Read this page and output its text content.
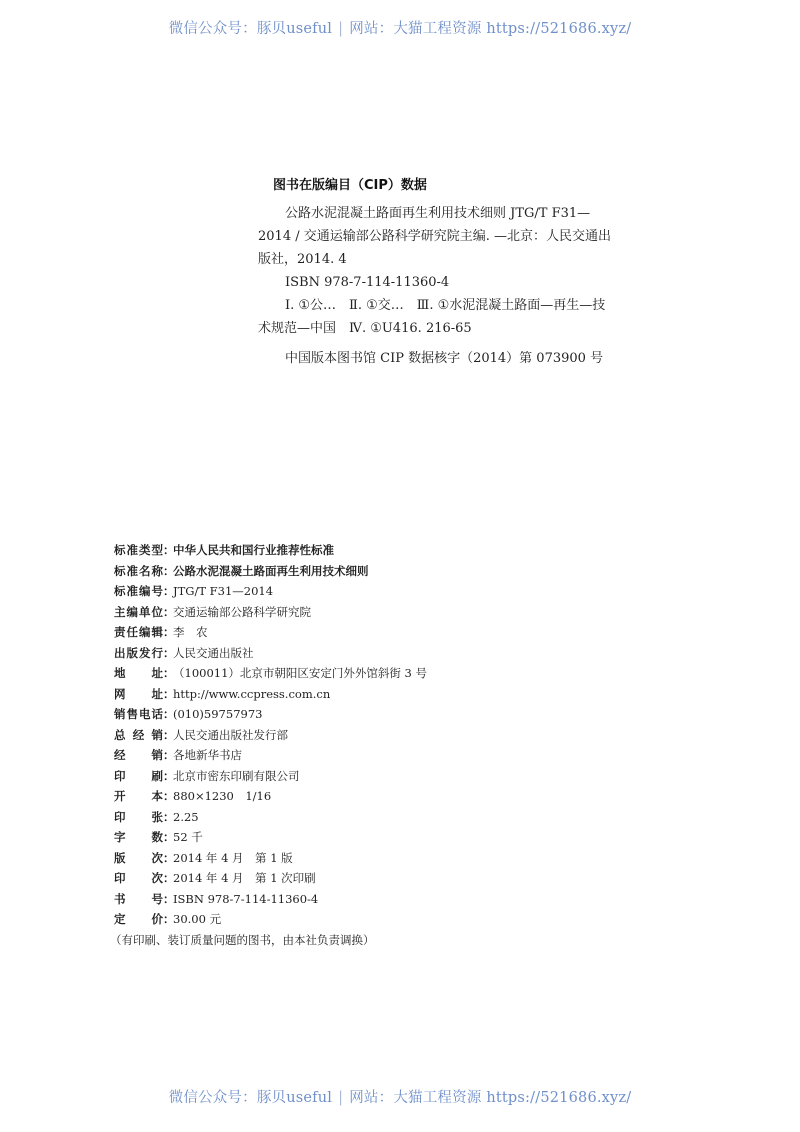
微信公众号：豚贝useful | 网站：大猫工程资源 https://521686.xyz/
图书在版编目（CIP）数据

公路水泥混凝土路面再生利用技术细则 JTG/T F31—2014 / 交通运输部公路科学研究院主编. —北京：人民交通出版社，2014. 4

ISBN 978-7-114-11360-4

Ⅰ. ①公…　Ⅱ. ①交…　Ⅲ. ①水泥混凝土路面—再生—技术规范—中国　Ⅳ. ①U416. 216-65

中国版本图书馆 CIP 数据核字（2014）第 073900 号

标准类型 ：
中华人民共和国行业推荐性标准
标准名称 ：
公路水泥混凝土路面再生利用技术细则
标准编号 ：
JTG/T F31—2014
主编单位 ：
交通运输部公路科学研究院
责任编辑 ：
李　农
出版发行 ：
人民交通出版社
地址 ：
（100011）北京市朝阳区安定门外外馆斜街 3 号
网址 ：
http://www.ccpress.com.cn
销售电话 ：
(010)59757973
总经销 ：
人民交通出版社发行部
经销 ：
各地新华书店
印刷 ：
北京市密东印刷有限公司
开本 ：
880×1230　1/16
印张 ：
2.25
字数 ：
52 千
版次 ：
2014 年 4 月　第 1 版
印次 ：
2014 年 4 月　第 1 次印刷
书号 ：
ISBN 978-7-114-11360-4
定价 ：
30.00 元
（有印刷、装订质量问题的图书，由本社负责调换）
微信公众号：豚贝useful | 网站：大猫工程资源 https://521686.xyz/
